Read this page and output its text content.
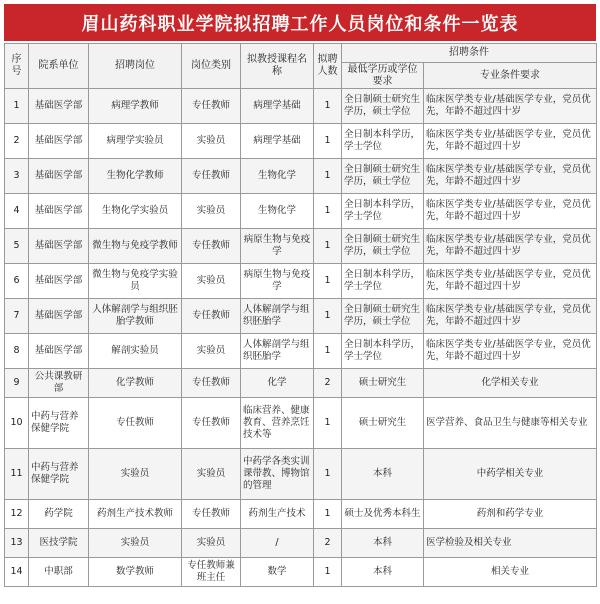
眉山药科职业学院拟招聘工作人员岗位和条件一览表
序号	院系单位	招聘岗位	岗位类别	拟教授课程名称	拟聘人数	招聘条件	
						最低学历或学位要求	专业条件要求
1	基础医学部	病理学教师	专任教师	病理学基础	1	全日制硕士研究生学历，硕士学位	临床医学类专业/基础医学专业，党员优先，年龄不超过四十岁
2	基础医学部	病理学实验员	实验员	病理学基础	1	全日制本科学历，学士学位	临床医学类专业/基础医学专业，党员优先，年龄不超过四十岁
3	基础医学部	生物化学教师	专任教师	生物化学	1	全日制硕士研究生学历，硕士学位	临床医学类专业/基础医学专业，党员优先，年龄不超过四十岁
4	基础医学部	生物化学实验员	实验员	生物化学	1	全日制本科学历，学士学位	临床医学类专业/基础医学专业，党员优先，年龄不超过四十岁
5	基础医学部	微生物与免疫学教师	专任教师	病原生物与免疫学	1	全日制硕士研究生学历，硕士学位	临床医学类专业/基础医学专业，党员优先，年龄不超过四十岁
6	基础医学部	微生物与免疫学实验员	实验员	病原生物与免疫学	1	全日制本科学历，学士学位	临床医学类专业/基础医学专业，党员优先，年龄不超过四十岁
7	基础医学部	人体解剖学与组织胚胎学教师	专任教师	人体解剖学与组织胚胎学	1	全日制硕士研究生学历，硕士学位	临床医学类专业/基础医学专业，党员优先，年龄不超过四十岁
8	基础医学部	解剖实验员	实验员	人体解剖学与组织胚胎学	1	全日制本科学历，学士学位	临床医学类专业/基础医学专业，党员优先，年龄不超过四十岁
9	公共课教研部	化学教师	专任教师	化学	2	硕士研究生	化学相关专业
10	中药与营养保健学院	专任教师	专任教师	临床营养、健康教育、营养烹饪技术等	1	硕士研究生	医学营养、食品卫生与健康等相关专业
11	中药与营养保健学院	实验员	实验员	中药学各类实训课带教、博物馆的管理	1	本科	中药学相关专业
12	药学院	药剂生产技术教师	专任教师	药剂生产技术	1	硕士及优秀本科生	药剂和药学专业
13	医技学院	实验员	实验员	/	2	本科	医学检验及相关专业
14	中职部	数学教师	专任教师兼班主任	数学	1	本科	相关专业
